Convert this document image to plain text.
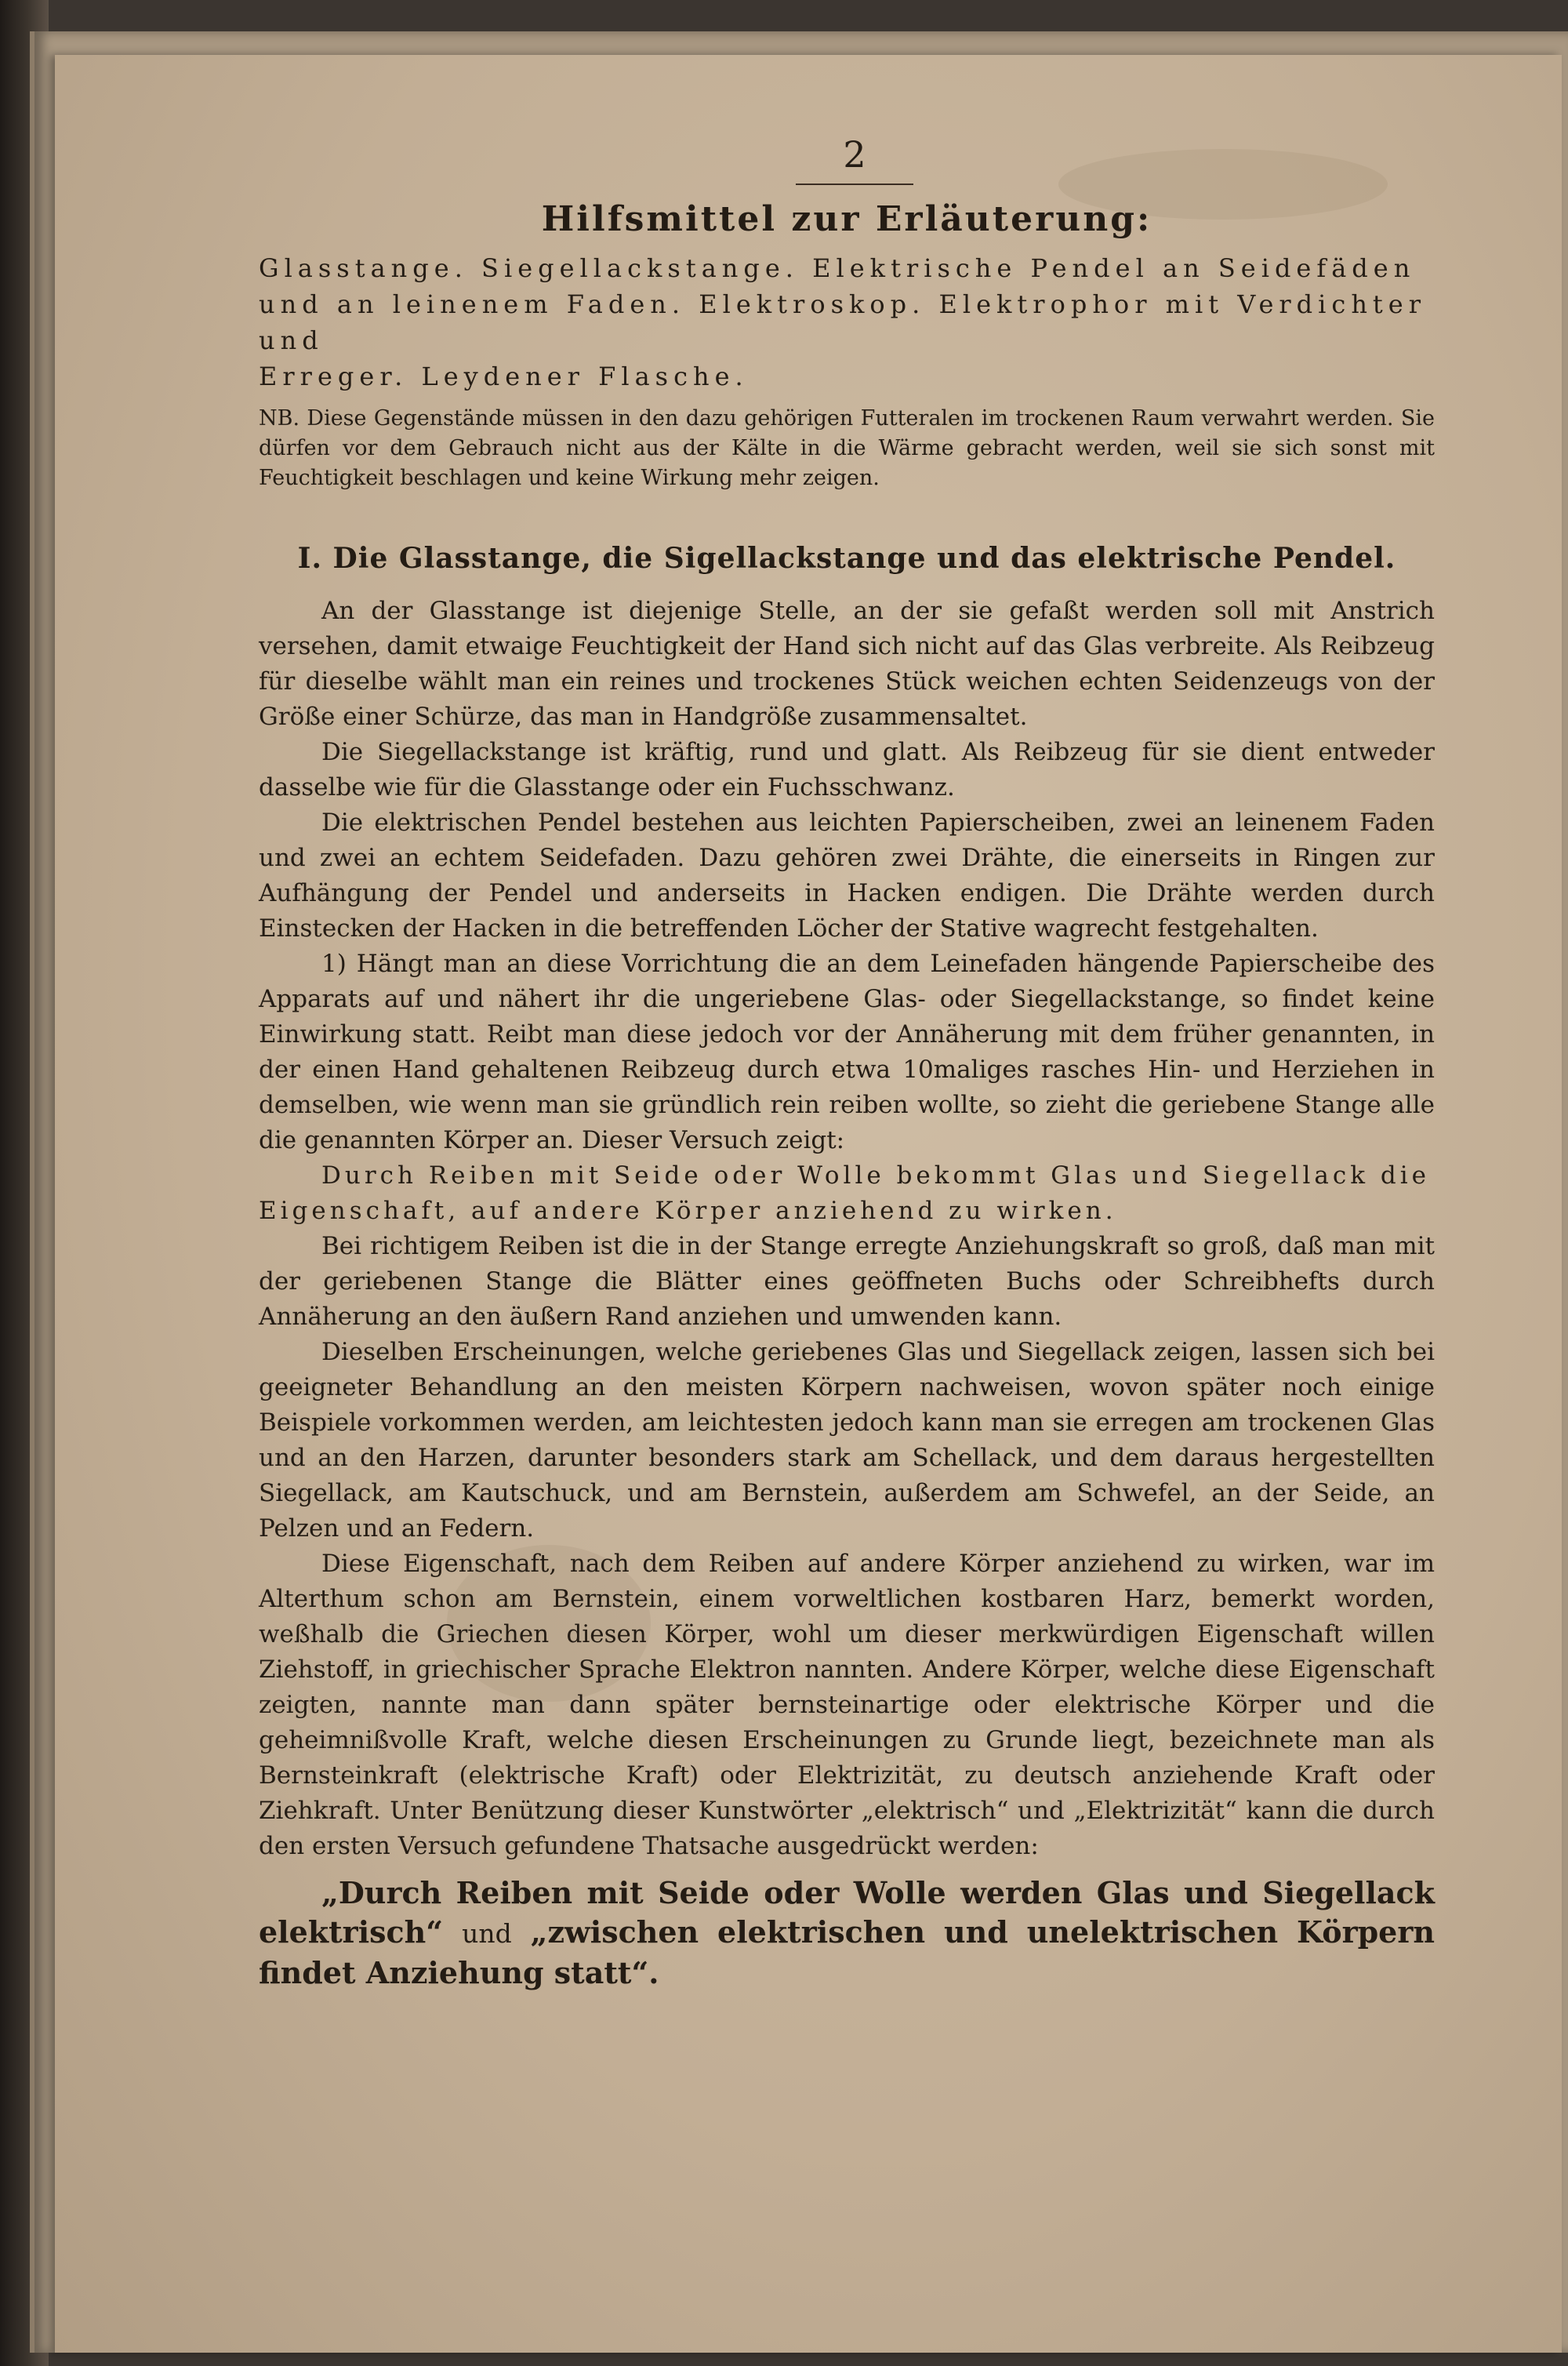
2
Hilfsmittel zur Erläuterung:

Glasstange. Siegellackstange. Elektrische Pendel an Seidefäden

und an leinenem Faden. Elektroskop. Elektrophor mit Verdichter und

Erreger. Leydener Flasche.

NB. Diese Gegenstände müssen in den dazu gehörigen Futteralen im trockenen Raum verwahrt werden. Sie dürfen vor dem Gebrauch nicht aus der Kälte in die Wärme gebracht werden, weil sie sich sonst mit Feuchtigkeit beschlagen und keine Wirkung mehr zeigen.

I. Die Glasstange, die Sigellackstange und das elektrische Pendel.

An der Glasstange ist diejenige Stelle, an der sie gefaßt werden soll mit Anstrich versehen, damit etwaige Feuchtigkeit der Hand sich nicht auf das Glas verbreite. Als Reibzeug für dieselbe wählt man ein reines und trockenes Stück weichen echten Seidenzeugs von der Größe einer Schürze, das man in Handgröße zusammensaltet.

Die Siegellackstange ist kräftig, rund und glatt. Als Reibzeug für sie dient entweder dasselbe wie für die Glasstange oder ein Fuchsschwanz.

Die elektrischen Pendel bestehen aus leichten Papierscheiben, zwei an leinenem Faden und zwei an echtem Seidefaden. Dazu gehören zwei Drähte, die einerseits in Ringen zur Aufhängung der Pendel und anderseits in Hacken endigen. Die Drähte werden durch Einstecken der Hacken in die betreffenden Löcher der Stative wagrecht festgehalten.

1) Hängt man an diese Vorrichtung die an dem Leinefaden hängende Papierscheibe des Apparats auf und nähert ihr die ungeriebene Glas- oder Siegellackstange, so findet keine Einwirkung statt. Reibt man diese jedoch vor der Annäherung mit dem früher genannten, in der einen Hand gehaltenen Reibzeug durch etwa 10maliges rasches Hin- und Herziehen in demselben, wie wenn man sie gründlich rein reiben wollte, so zieht die geriebene Stange alle die genannten Körper an. Dieser Versuch zeigt:

Durch Reiben mit Seide oder Wolle bekommt Glas und Siegellack die Eigenschaft, auf andere Körper anziehend zu wirken.

Bei richtigem Reiben ist die in der Stange erregte Anziehungskraft so groß, daß man mit der geriebenen Stange die Blätter eines geöffneten Buchs oder Schreibhefts durch Annäherung an den äußern Rand anziehen und umwenden kann.

Dieselben Erscheinungen, welche geriebenes Glas und Siegellack zeigen, lassen sich bei geeigneter Behandlung an den meisten Körpern nachweisen, wovon später noch einige Beispiele vorkommen werden, am leichtesten jedoch kann man sie erregen am trockenen Glas und an den Harzen, darunter besonders stark am Schellack, und dem daraus hergestellten Siegellack, am Kautschuck, und am Bernstein, außerdem am Schwefel, an der Seide, an Pelzen und an Federn.

Diese Eigenschaft, nach dem Reiben auf andere Körper anziehend zu wirken, war im Alterthum schon am Bernstein, einem vorweltlichen kostbaren Harz, bemerkt worden, weßhalb die Griechen diesen Körper, wohl um dieser merkwürdigen Eigenschaft willen Ziehstoff, in griechischer Sprache Elektron nannten. Andere Körper, welche diese Eigenschaft zeigten, nannte man dann später bernsteinartige oder elektrische Körper und die geheimnißvolle Kraft, welche diesen Erscheinungen zu Grunde liegt, bezeichnete man als Bernsteinkraft (elektrische Kraft) oder Elektrizität, zu deutsch anziehende Kraft oder Ziehkraft. Unter Benützung dieser Kunstwörter „elektrisch“ und „Elektrizität“ kann die durch den ersten Versuch gefundene Thatsache ausgedrückt werden:

„Durch Reiben mit Seide oder Wolle werden Glas und Siegellack elektrisch“ und „zwischen elektrischen und unelektrischen Körpern findet Anziehung statt“.
